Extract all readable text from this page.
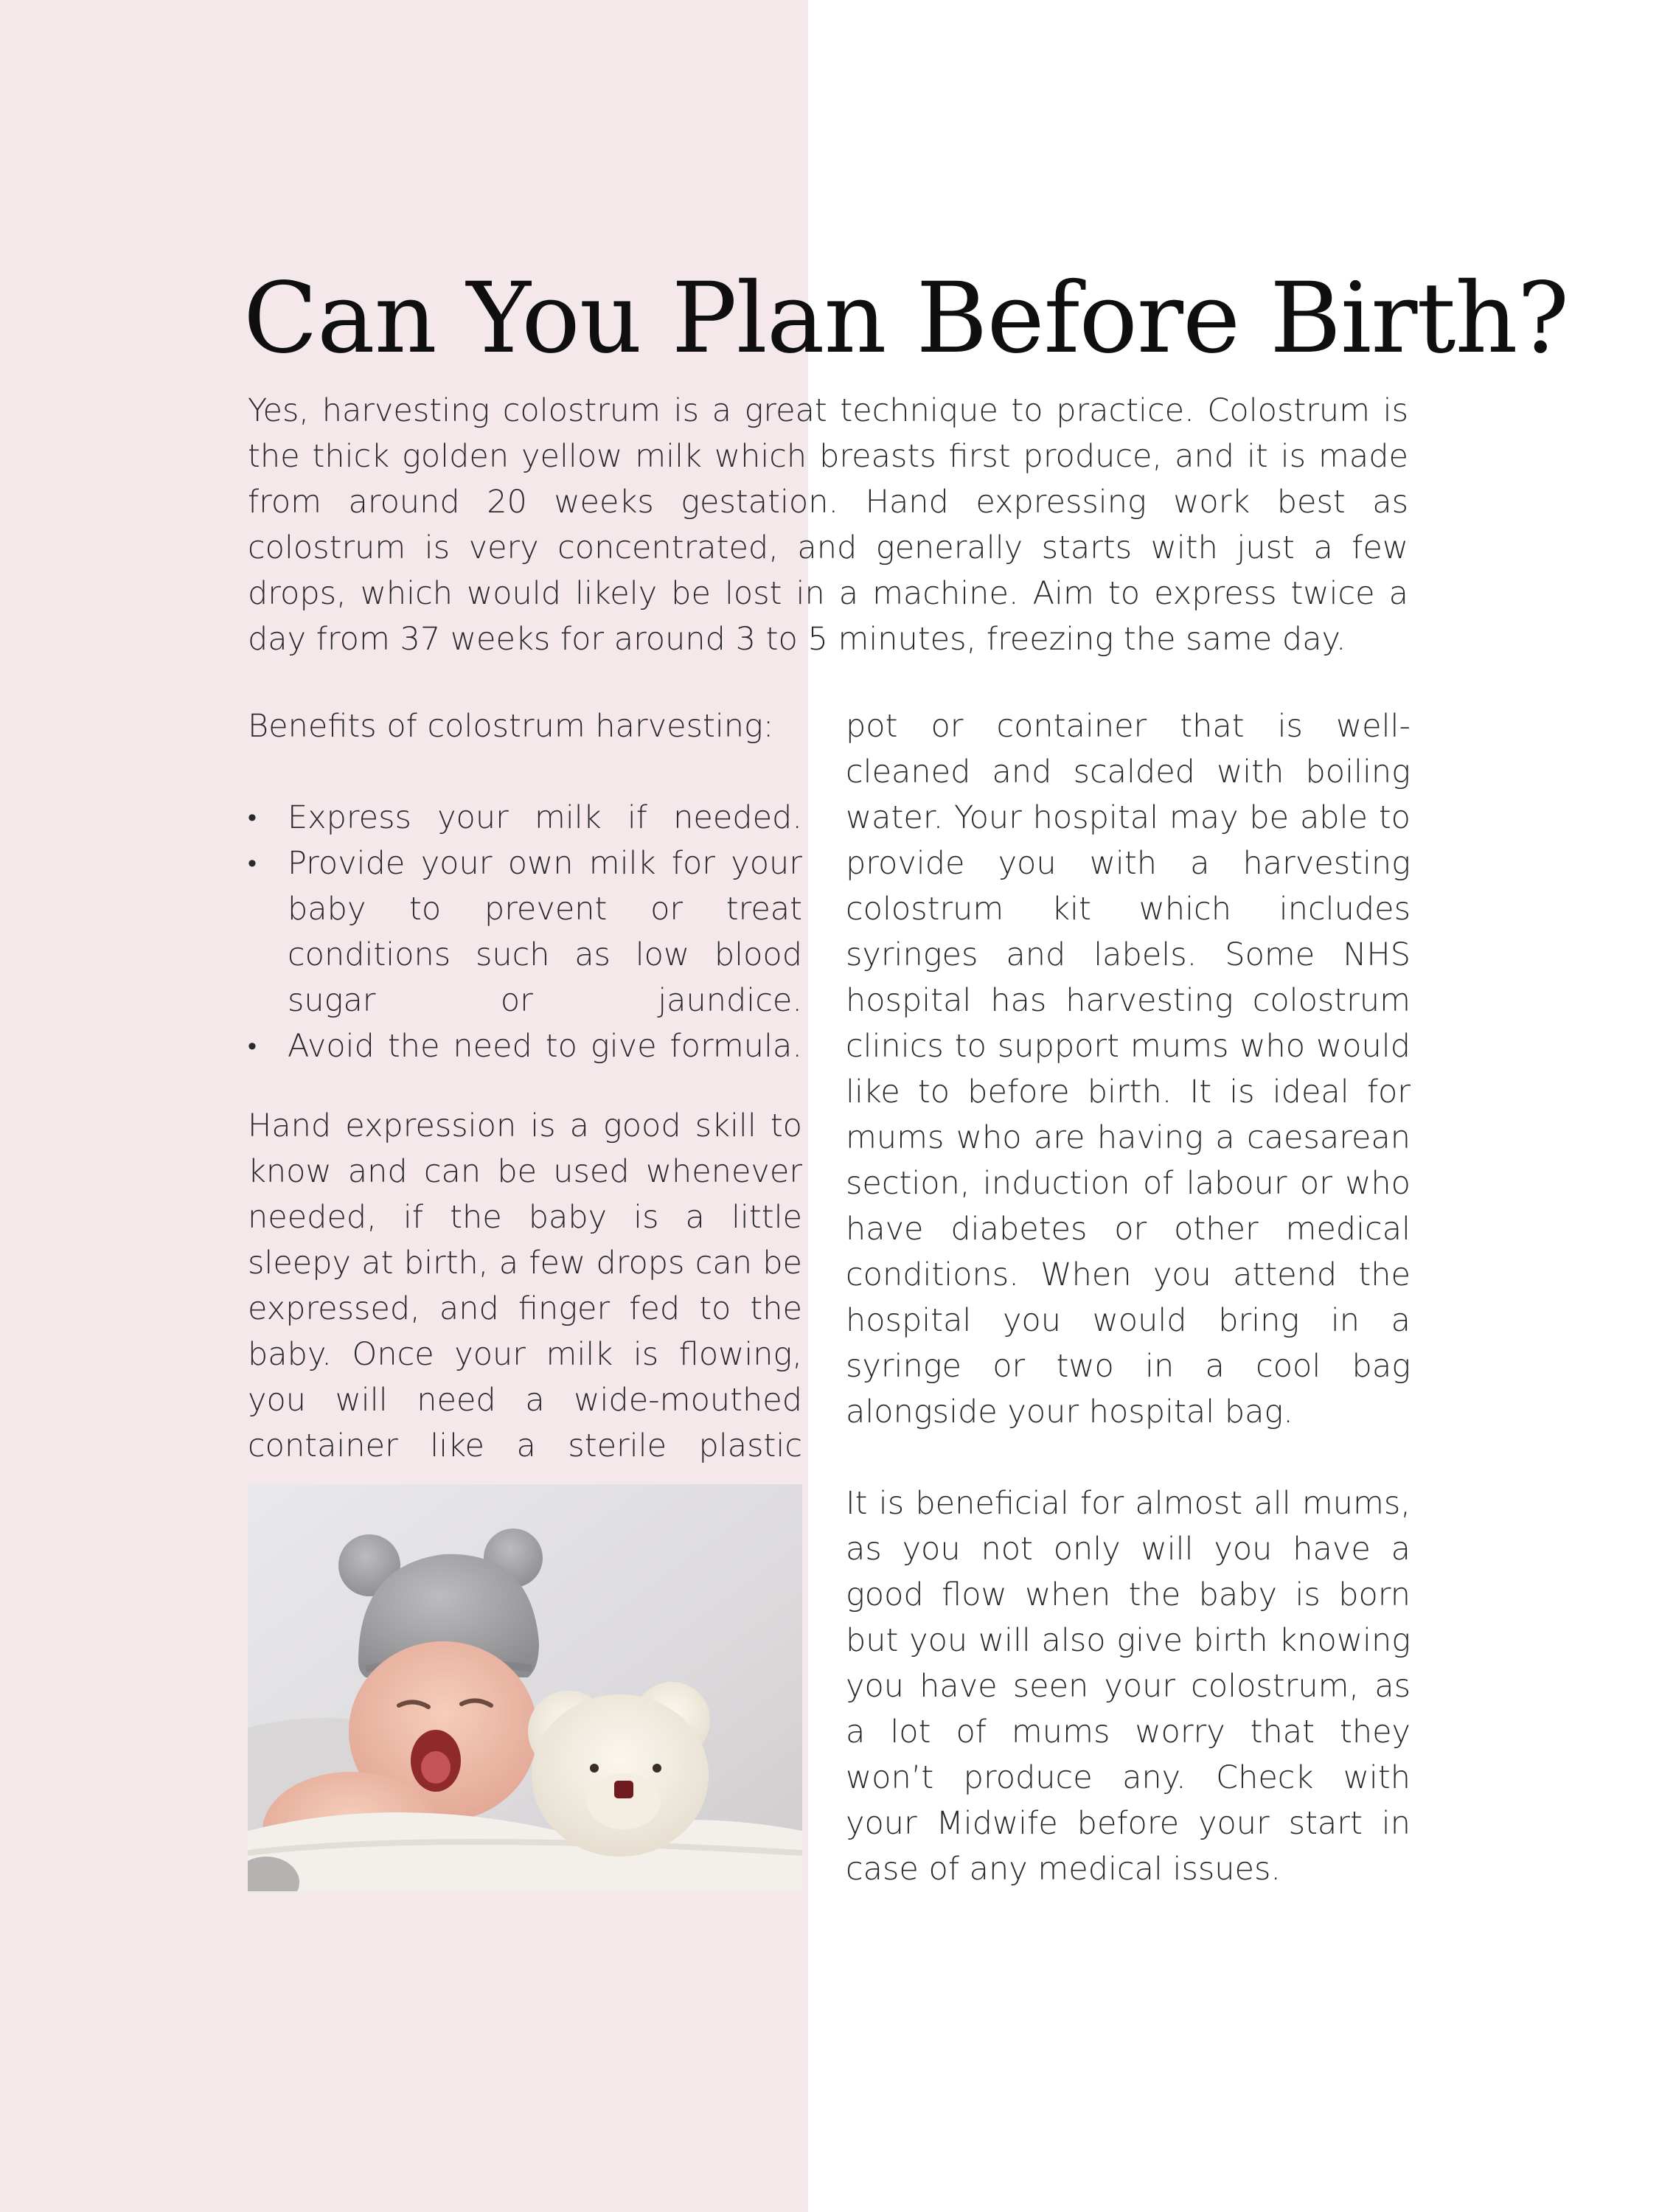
Can You Plan Before Birth?

Yes, harvesting colostrum is a great technique to practice. Colostrum is the thick golden yellow milk which breasts first produce, and it is made from around 20 weeks gestation. Hand expressing work best as colostrum is very concentrated, and generally starts with just a few drops, which would likely be lost in a machine. Aim to express twice a day from 37 weeks for around 3 to 5 minutes, freezing the same day.

Benefits of colostrum harvesting:

• Express your milk if needed.
• Provide your own milk for your baby to prevent or treat conditions such as low blood sugar or jaundice.
• Avoid the need to give formula.

Hand expression is a good skill to know and can be used whenever needed, if the baby is a little sleepy at birth, a few drops can be expressed, and finger fed to the baby. Once your milk is flowing, you will need a wide-mouthed container like a sterile plastic

pot or container that is well-cleaned and scalded with boiling water. Your hospital may be able to provide you with a harvesting colostrum kit which includes syringes and labels. Some NHS hospital has harvesting colostrum clinics to support mums who would like to before birth. It is ideal for mums who are having a caesarean section, induction of labour or who have diabetes or other medical conditions. When you attend the hospital you would bring in a syringe or two in a cool bag alongside your hospital bag.

It is beneficial for almost all mums, as you not only will you have a good flow when the baby is born but you will also give birth knowing you have seen your colostrum, as a lot of mums worry that they won’t produce any. Check with your Midwife before your start in case of any medical issues.
